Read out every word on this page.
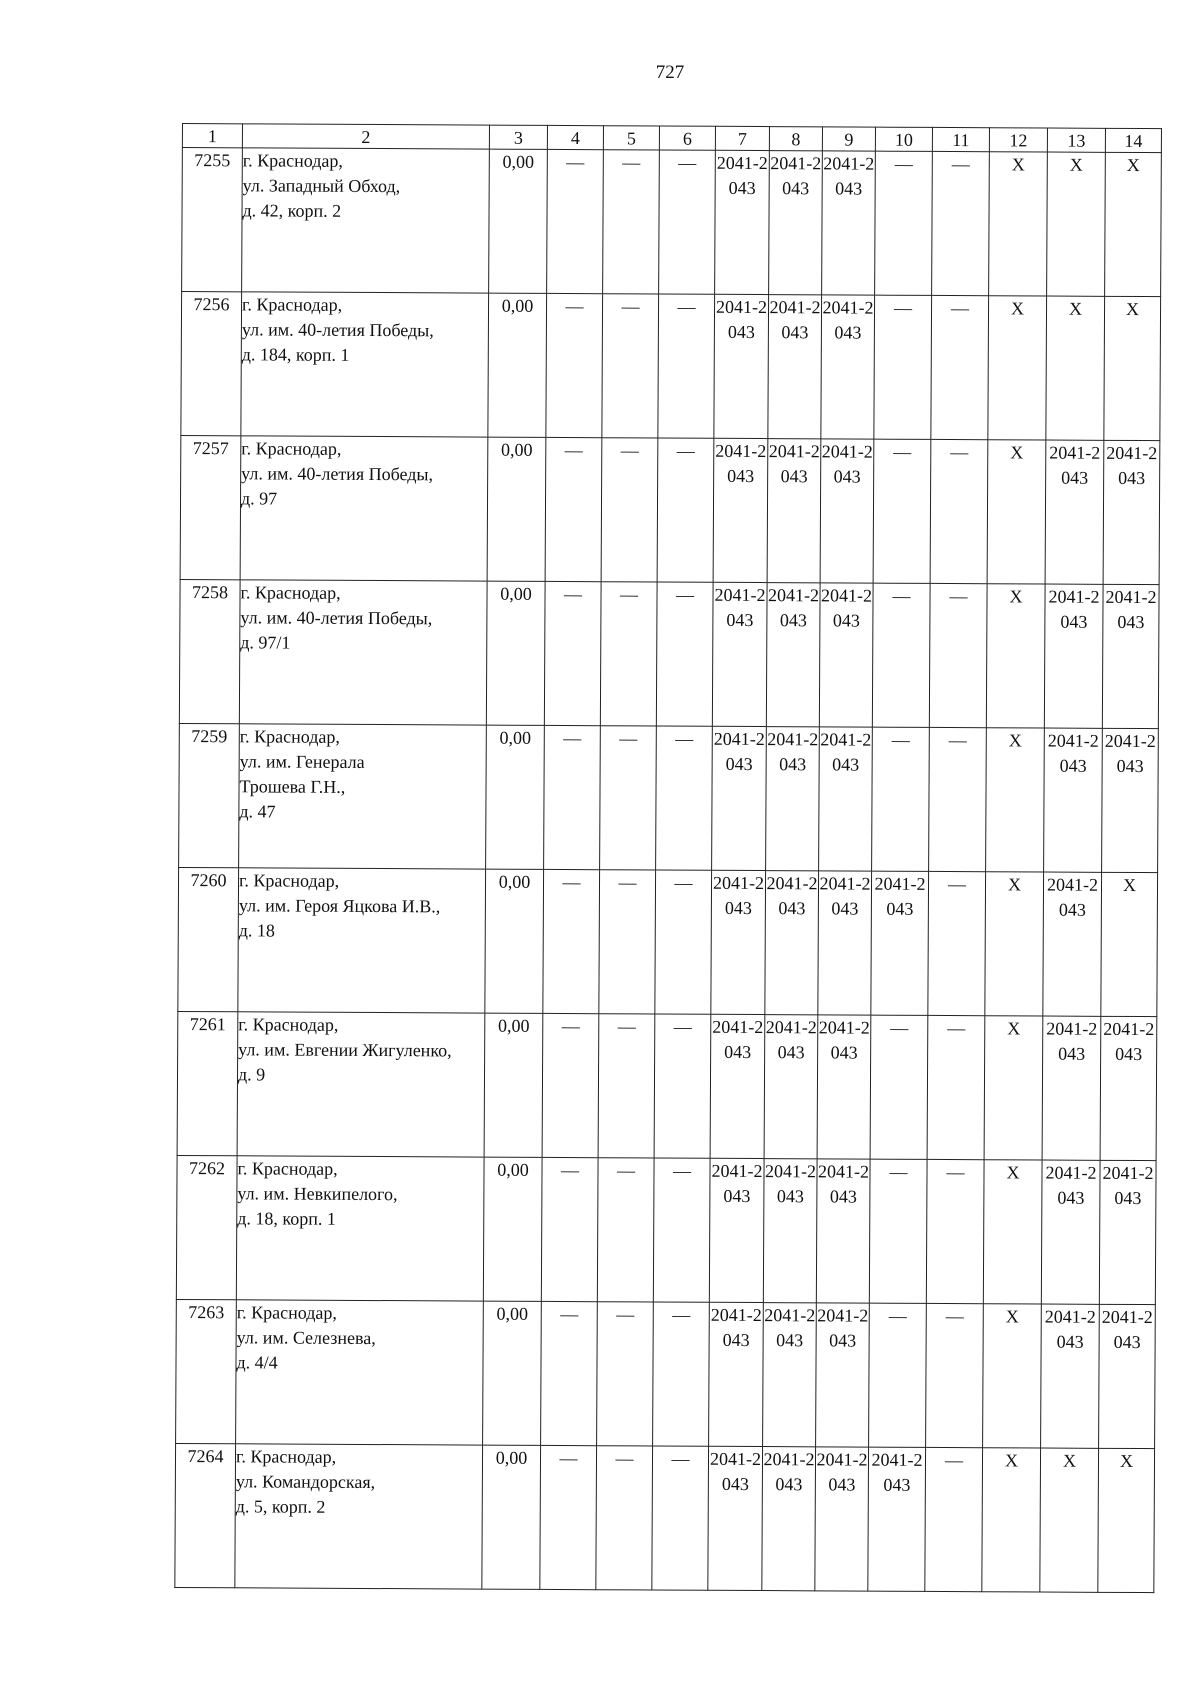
727
1	2	3	4	5	6	7	8	9	10	11	12	13	14
7255	г. Краснодар,
ул. Западный Обход,
д. 42, корп. 2	0,00	—	—	—	2041-2043	2041-2043	2041-2043	—	—	Х	Х	Х
7256	г. Краснодар,
ул. им. 40-летия Победы,
д. 184, корп. 1	0,00	—	—	—	2041-2043	2041-2043	2041-2043	—	—	Х	Х	Х
7257	г. Краснодар,
ул. им. 40-летия Победы,
д. 97	0,00	—	—	—	2041-2043	2041-2043	2041-2043	—	—	Х	2041-2043	2041-2043
7258	г. Краснодар,
ул. им. 40-летия Победы,
д. 97/1	0,00	—	—	—	2041-2043	2041-2043	2041-2043	—	—	Х	2041-2043	2041-2043
7259	г. Краснодар,
ул. им. Генерала
Трошева Г.Н.,
д. 47	0,00	—	—	—	2041-2043	2041-2043	2041-2043	—	—	Х	2041-2043	2041-2043
7260	г. Краснодар,
ул. им. Героя Яцкова И.В.,
д. 18	0,00	—	—	—	2041-2043	2041-2043	2041-2043	2041-2043	—	Х	2041-2043	Х
7261	г. Краснодар,
ул. им. Евгении Жигуленко,
д. 9	0,00	—	—	—	2041-2043	2041-2043	2041-2043	—	—	Х	2041-2043	2041-2043
7262	г. Краснодар,
ул. им. Невкипелого,
д. 18, корп. 1	0,00	—	—	—	2041-2043	2041-2043	2041-2043	—	—	Х	2041-2043	2041-2043
7263	г. Краснодар,
ул. им. Селезнева,
д. 4/4	0,00	—	—	—	2041-2043	2041-2043	2041-2043	—	—	Х	2041-2043	2041-2043
7264	г. Краснодар,
ул. Командорская,
д. 5, корп. 2	0,00	—	—	—	2041-2043	2041-2043	2041-2043	2041-2043	—	Х	Х	Х
